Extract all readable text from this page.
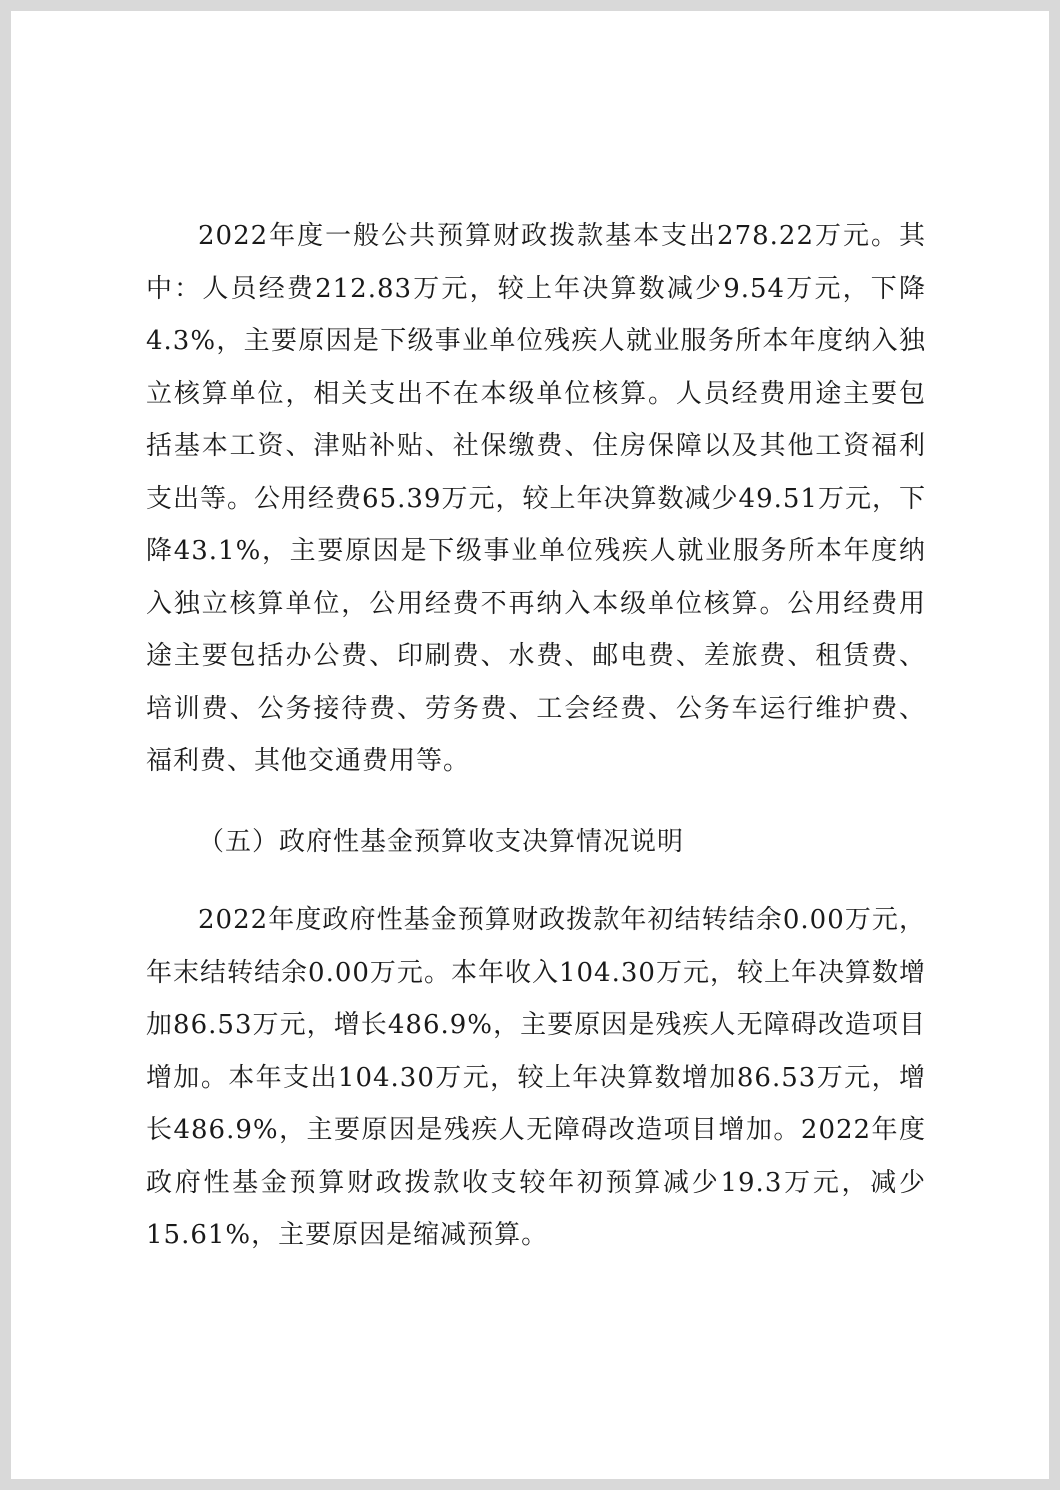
2022年度一般公共预算财政拨款基本支出278.22万元。其中：人员经费212.83万元，较上年决算数减少9.54万元，下降4.3%，主要原因是下级事业单位残疾人就业服务所本年度纳入独立核算单位，相关支出不在本级单位核算。人员经费用途主要包括基本工资、津贴补贴、社保缴费、住房保障以及其他工资福利支出等。公用经费65.39万元，较上年决算数减少49.51万元，下降43.1%，主要原因是下级事业单位残疾人就业服务所本年度纳入独立核算单位，公用经费不再纳入本级单位核算。公用经费用途主要包括办公费、印刷费、水费、邮电费、差旅费、租赁费、培训费、公务接待费、劳务费、工会经费、公务车运行维护费、福利费、其他交通费用等。

（五）政府性基金预算收支决算情况说明

2022年度政府性基金预算财政拨款年初结转结余0.00万元，年末结转结余0.00万元。本年收入104.30万元，较上年决算数增加86.53万元，增长486.9%，主要原因是残疾人无障碍改造项目增加。本年支出104.30万元，较上年决算数增加86.53万元，增长486.9%，主要原因是残疾人无障碍改造项目增加。2022年度政府性基金预算财政拨款收支较年初预算减少19.3万元，减少15.61%，主要原因是缩减预算。
